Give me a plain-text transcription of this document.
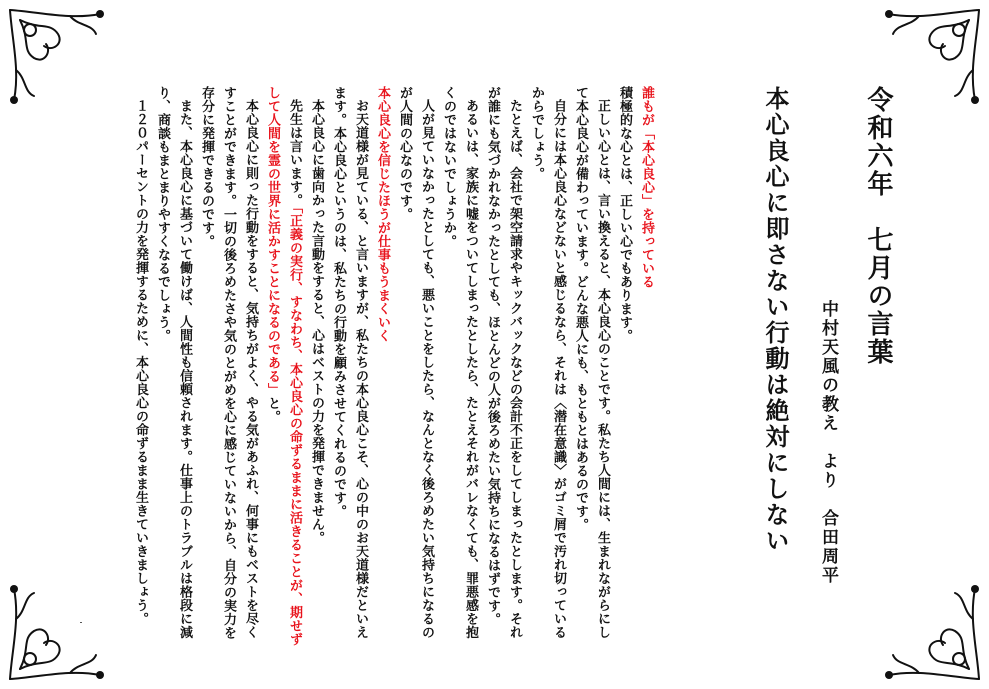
令和六年　七月の言葉
本心良心に即さない行動は絶対にしない 中村天風の教え　より　合田周平

誰もが「本心良心」を持っている

積極的な心とは、正しい心でもあります。

正しい心とは、言い換えると、本心良心のことです。私たち人間には、生まれながらにして本心良心が備わっています。どんな悪人にも、もともとはあるのです。

自分には本心良心などないと感じるなら、それは〈潜在意識〉がゴミ屑で汚れ切っているからでしょう。

たとえば、会社で架空請求やキックバックなどの会計不正をしてしまったとします。それが誰にも気づかれなかったとしても、ほとんどの人が後ろめたい気持ちになるはずです。

あるいは、家族に嘘をついてしまったとしたら、たとえそれがバレなくても、罪悪感を抱くのではないでしょうか。

人が見ていなかったとしても、悪いことをしたら、なんとなく後ろめたい気持ちになるのが人間の心なのです。

本心良心を信じたほうが仕事もうまくいく

お天道様が見ている、と言いますが、私たちの本心良心こそ、心の中のお天道様だといえます。本心良心というのは、私たちの行動を顧みさせてくれるのです。

本心良心に歯向かった言動をすると、心はベストの力を発揮できません。

先生は言います。「正義の実行、すなわち、本心良心の命ずるままに活きることが、期せずして人間を霊の世界に活かすことになるのである」と。

本心良心に則った行動をすると、気持ちがよく、やる気があふれ、何事にもベストを尽くすことができます。一切の後ろめたさや気のとがめを心に感じていないから、自分の実力を存分に発揮できるのです。

また、本心良心に基づいて働けば、人間性も信頼されます。仕事上のトラブルは格段に減り、商談もまとまりやすくなるでしょう。

１２０パーセントの力を発揮するために、本心良心の命ずるまま生きていきましょう。
